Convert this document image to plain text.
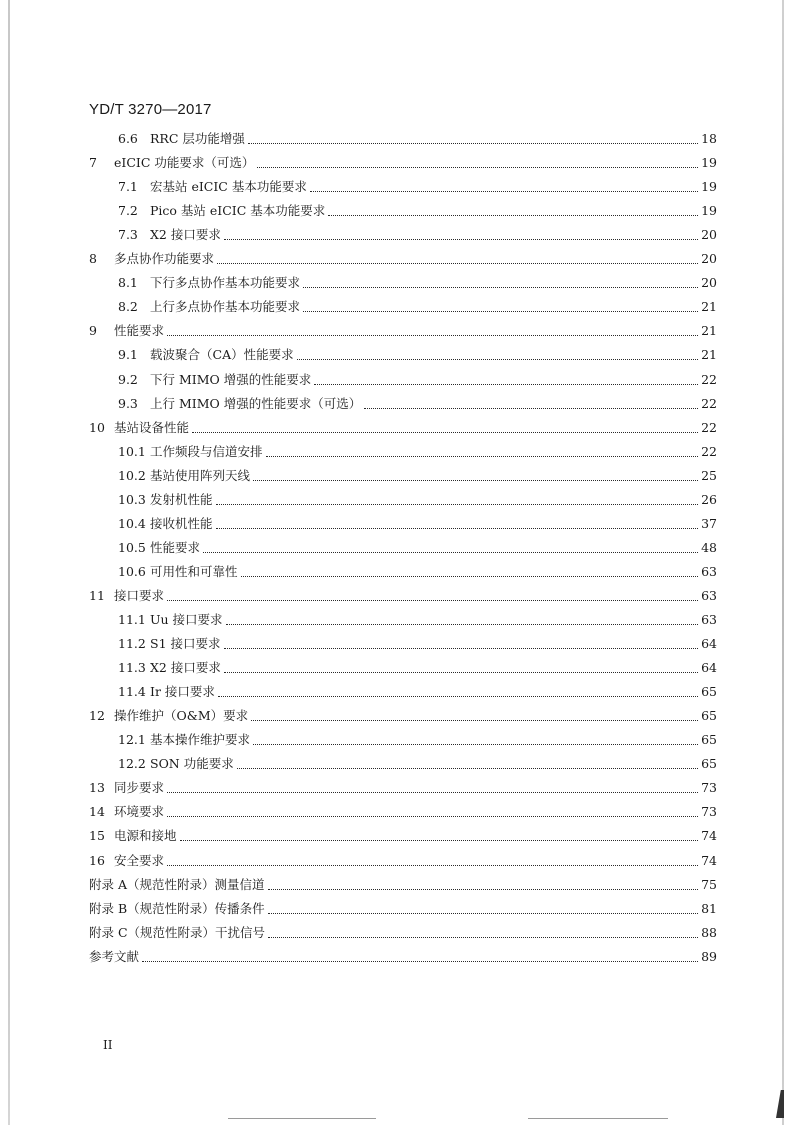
YD/T 3270—2017
6.6 RRC 层功能增强	18
7	eICIC 功能要求（可选）	19
7.1 宏基站 eICIC 基本功能要求	19
7.2 Pico 基站 eICIC 基本功能要求	19
7.3 X2 接口要求	20
8	多点协作功能要求	20
8.1 下行多点协作基本功能要求	20
8.2 上行多点协作基本功能要求	21
9	性能要求	21
9.1 载波聚合（CA）性能要求	21
9.2 下行 MIMO 增强的性能要求	22
9.3 上行 MIMO 增强的性能要求（可选）	22
10 基站设备性能	22
10.1 工作频段与信道安排	22
10.2 基站使用阵列天线	25
10.3 发射机性能	26
10.4 接收机性能	37
10.5 性能要求	48
10.6 可用性和可靠性	63
11 接口要求	63
11.1 Uu 接口要求	63
11.2 S1 接口要求	64
11.3 X2 接口要求	64
11.4 Ir 接口要求	65
12 操作维护（O&M）要求	65
12.1 基本操作维护要求	65
12.2 SON 功能要求	65
13 同步要求	73
14 环境要求	73
15 电源和接地	74
16 安全要求	74
附录 A（规范性附录）测量信道	75
附录 B（规范性附录）传播条件	81
附录 C（规范性附录）干扰信号	88
参考文献	89
II
